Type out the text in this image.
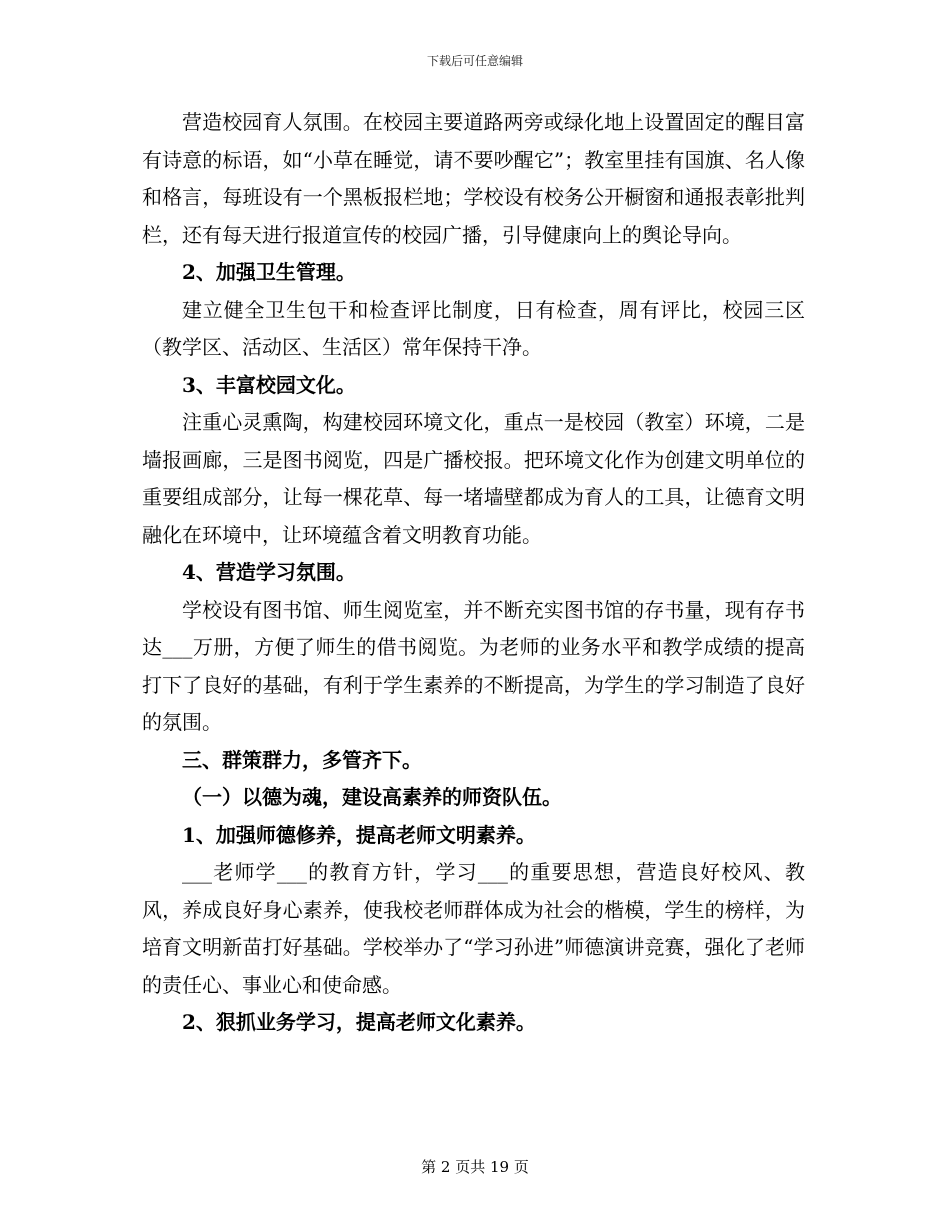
下载后可任意编辑

营造校园育人氛围。在校园主要道路两旁或绿化地上设置固定的醒目富有诗意的标语，如“小草在睡觉，请不要吵醒它”；教室里挂有国旗、名人像和格言，每班设有一个黑板报栏地；学校设有校务公开橱窗和通报表彰批判栏，还有每天进行报道宣传的校园广播，引导健康向上的舆论导向。

2、加强卫生管理。

建立健全卫生包干和检查评比制度，日有检查，周有评比，校园三区（教学区、活动区、生活区）常年保持干净。

3、丰富校园文化。

注重心灵熏陶，构建校园环境文化，重点一是校园（教室）环境，二是墙报画廊，三是图书阅览，四是广播校报。把环境文化作为创建文明单位的重要组成部分，让每一棵花草、每一堵墙壁都成为育人的工具，让德育文明融化在环境中，让环境蕴含着文明教育功能。

4、营造学习氛围。

学校设有图书馆、师生阅览室，并不断充实图书馆的存书量，现有存书达___万册，方便了师生的借书阅览。为老师的业务水平和教学成绩的提高打下了良好的基础，有利于学生素养的不断提高，为学生的学习制造了良好的氛围。

三、群策群力，多管齐下。

（一）以德为魂，建设高素养的师资队伍。

1、加强师德修养，提高老师文明素养。

___老师学___的教育方针，学习___的重要思想，营造良好校风、教风，养成良好身心素养，使我校老师群体成为社会的楷模，学生的榜样，为培育文明新苗打好基础。学校举办了“学习孙进”师德演讲竞赛，强化了老师的责任心、事业心和使命感。

2、狠抓业务学习，提高老师文化素养。

第 2 页共 19 页
